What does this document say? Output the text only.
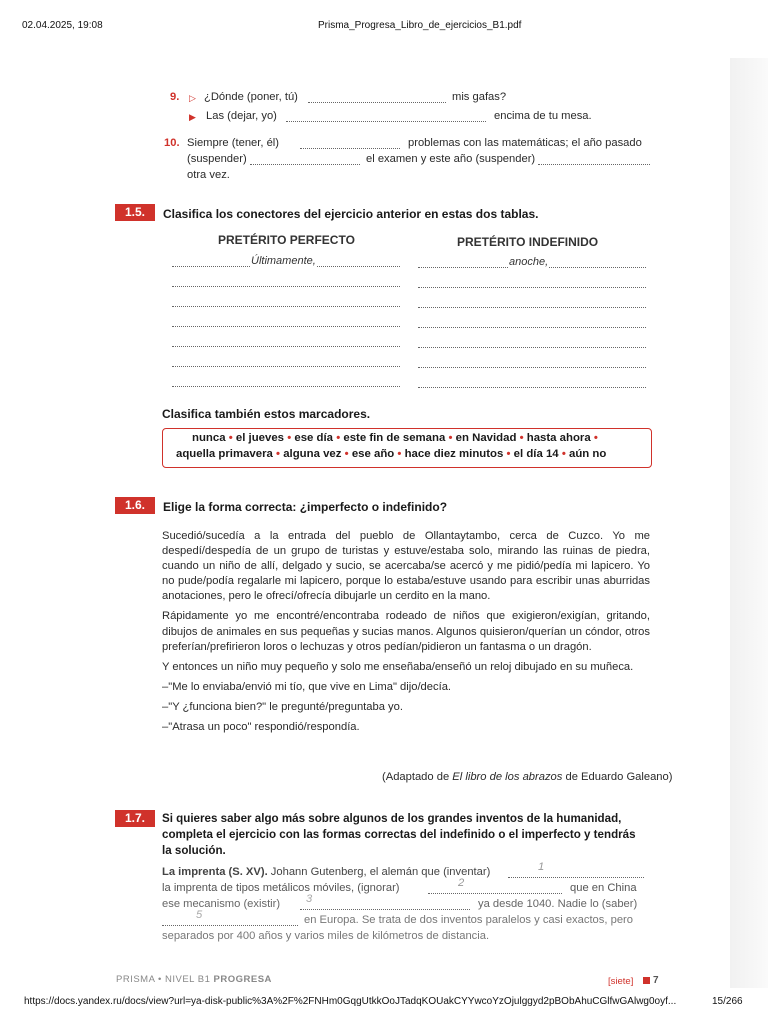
02.04.2025, 19:08	Prisma_Progresa_Libro_de_ejercicios_B1.pdf
9. ▷ ¿Dónde (poner, tú)	mis gafas?
▶ Las (dejar, yo)	encima de tu mesa.
10. Siempre (tener, él)	problemas con las matemáticas; el año pasado
(suspender)	el examen y este año (suspender)
otra vez.
1.5.	Clasifica los conectores del ejercicio anterior en estas dos tablas.
PRETÉRITO PERFECTO	PRETÉRITO INDEFINIDO
Últimamente,	anoche,
Clasifica también estos marcadores.
nunca • el jueves • ese día • este fin de semana • en Navidad • hasta ahora •
aquella primavera • alguna vez • ese año • hace diez minutos • el día 14 • aún no
1.6.	Elige la forma correcta: ¿imperfecto o indefinido?

Sucedió/sucedía a la entrada del pueblo de Ollantaytambo, cerca de Cuzco. Yo me despedí/despedía de un grupo de turistas y estuve/estaba solo, mirando las ruinas de piedra, cuando un niño de allí, delgado y sucio, se acercaba/se acercó y me pidió/pedía mi lapicero. Yo no pude/podía regalarle mi lapicero, porque lo estaba/estuve usando para escribir unas aburridas anotaciones, pero le ofrecí/ofrecía dibujarle un cerdito en la mano.

Rápidamente yo me encontré/encontraba rodeado de niños que exigieron/exigían, gritando, dibujos de animales en sus pequeñas y sucias manos. Algunos quisieron/querían un cóndor, otros preferían/prefirieron loros o lechuzas y otros pedían/pidieron un fantasma o un dragón.

Y entonces un niño muy pequeño y solo me enseñaba/enseñó un reloj dibujado en su muñeca.

–"Me lo enviaba/envió mi tío, que vive en Lima" dijo/decía.

–"Y ¿funciona bien?" le pregunté/preguntaba yo.

–"Atrasa un poco" respondió/respondía.

(Adaptado de El libro de los abrazos de Eduardo Galeano)
1.7.	Si quieres saber algo más sobre algunos de los grandes inventos de la humanidad,
completa el ejercicio con las formas correctas del indefinido o el imperfecto y tendrás
la solución.
La imprenta (S. XV). Johann Gutenberg, el alemán que (inventar)	1
la imprenta de tipos metálicos móviles, (ignorar)	2	que en China
ese mecanismo (existir) 3	ya desde 1040. Nadie lo (saber)
5	en Europa. Se trata de dos inventos paralelos y casi exactos, pero
separados por 400 años y varios miles de kilómetros de distancia.
PRISMA • NIVEL B1 PROGRESA	[siete]	7
https://docs.yandex.ru/docs/view?url=ya-disk-public%3A%2F%2FNHm0GqgUtkkOoJTadqKOUakCYYwcoYzOjulggyd2pBObAhuCGlfwGAlwg0oyf...	15/266
